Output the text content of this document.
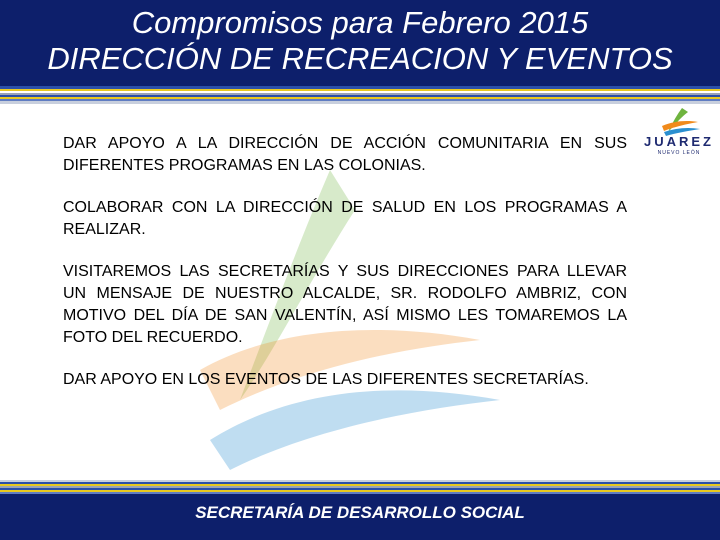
Compromisos para Febrero 2015
DIRECCIÓN DE RECREACION Y EVENTOS
JUAREZ
NUEVO LEÓN
DAR APOYO A LA DIRECCIÓN DE ACCIÓN COMUNITARIA EN SUS DIFERENTES PROGRAMAS EN LAS COLONIAS.
COLABORAR CON LA DIRECCIÓN DE SALUD EN LOS PROGRAMAS A REALIZAR.
VISITAREMOS LAS SECRETARÍAS Y SUS DIRECCIONES PARA LLEVAR UN MENSAJE DE NUESTRO ALCALDE, SR. RODOLFO AMBRIZ, CON MOTIVO DEL DÍA DE SAN VALENTÍN, ASÍ MISMO LES TOMAREMOS LA FOTO DEL RECUERDO.
DAR APOYO EN LOS EVENTOS DE LAS DIFERENTES SECRETARÍAS.
SECRETARÍA DE DESARROLLO SOCIAL
